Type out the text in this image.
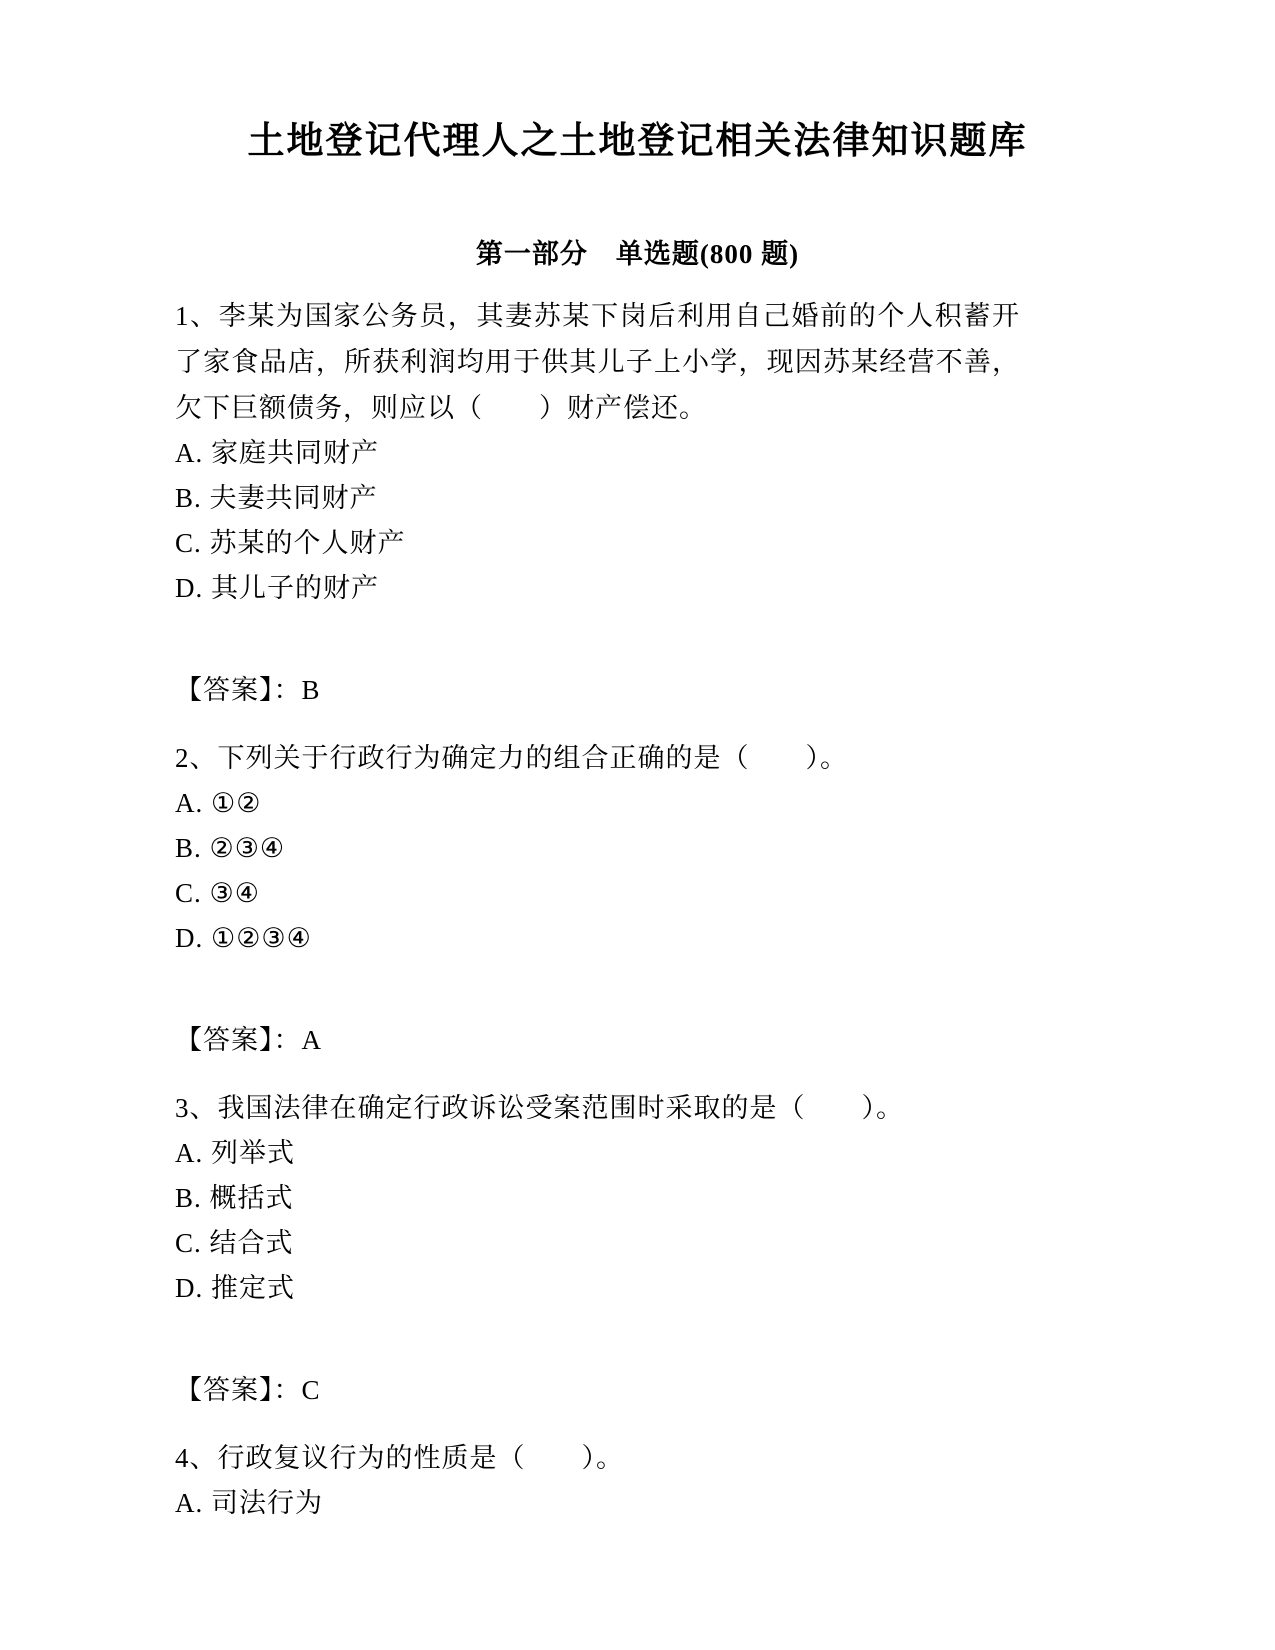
土地登记代理人之土地登记相关法律知识题库
第一部分　单选题(800 题)

1、李某为国家公务员，其妻苏某下岗后利用自己婚前的个人积蓄开了家食品店，所获利润均用于供其儿子上小学，现因苏某经营不善，欠下巨额债务，则应以（　　）财产偿还。

A. 家庭共同财产

B. 夫妻共同财产

C. 苏某的个人财产

D. 其儿子的财产

【答案】：B

2、下列关于行政行为确定力的组合正确的是（　　）。

A. ①②

B. ②③④

C. ③④

D. ①②③④

【答案】：A

3、我国法律在确定行政诉讼受案范围时采取的是（　　）。

A. 列举式

B. 概括式

C. 结合式

D. 推定式

【答案】：C

4、行政复议行为的性质是（　　）。

A. 司法行为
